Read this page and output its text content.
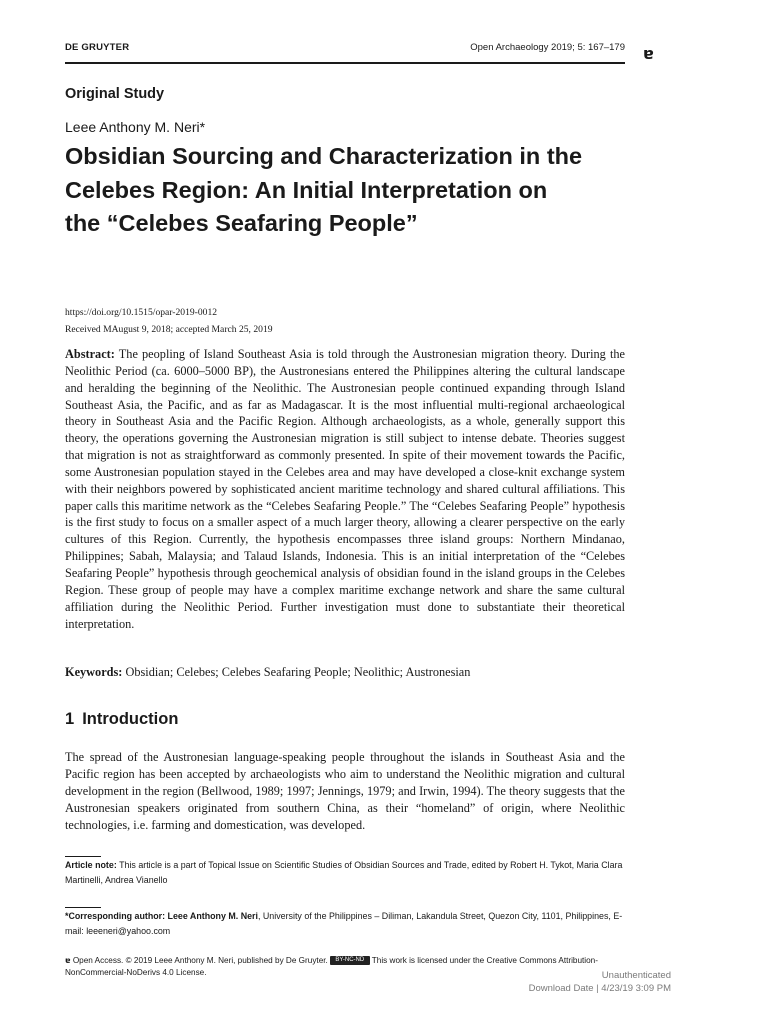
DE GRUYTER	Open Archaeology 2019; 5: 167–179 ɐ
Original Study
Leee Anthony M. Neri*
Obsidian Sourcing and Characterization in the Celebes Region: An Initial Interpretation on the “Celebes Seafaring People”
https://doi.org/10.1515/opar-2019-0012
Received MAugust 9, 2018; accepted March 25, 2019

Abstract: The peopling of Island Southeast Asia is told through the Austronesian migration theory. During the Neolithic Period (ca. 6000–5000 BP), the Austronesians entered the Philippines altering the cultural landscape and heralding the beginning of the Neolithic. The Austronesian people continued expanding through Island Southeast Asia, the Pacific, and as far as Madagascar. It is the most influential multi-regional archaeological theory in Southeast Asia and the Pacific Region. Although archaeologists, as a whole, generally support this theory, the operations governing the Austronesian migration is still subject to intense debate. Theories suggest that migration is not as straightforward as commonly presented. In spite of their movement towards the Pacific, some Austronesian population stayed in the Celebes area and may have developed a close-knit exchange system with their neighbors powered by sophisticated ancient maritime technology and shared cultural affiliations. This paper calls this maritime network as the “Celebes Seafaring People.” The “Celebes Seafaring People” hypothesis is the first study to focus on a smaller aspect of a much larger theory, allowing a clearer perspective on the early cultures of this Region. Currently, the hypothesis encompasses three island groups: Northern Mindanao, Philippines; Sabah, Malaysia; and Talaud Islands, Indonesia. This is an initial interpretation of the “Celebes Seafaring People” hypothesis through geochemical analysis of obsidian found in the island groups in the Celebes Region. These group of people may have a complex maritime exchange network and share the same cultural affiliation during the Neolithic Period. Further investigation must done to substantiate their theoretical interpretation.

Keywords: Obsidian; Celebes; Celebes Seafaring People; Neolithic; Austronesian
1 Introduction

The spread of the Austronesian language-speaking people throughout the islands in Southeast Asia and the Pacific region has been accepted by archaeologists who aim to understand the Neolithic migration and cultural development in the region (Bellwood, 1989; 1997; Jennings, 1979; and Irwin, 1994). The theory suggests that the Austronesian speakers originated from southern China, as their “homeland” of origin, where Neolithic technologies, i.e. farming and domestication, was developed.

Article note: This article is a part of Topical Issue on Scientific Studies of Obsidian Sources and Trade, edited by Robert H. Tykot, Maria Clara Martinelli, Andrea Vianello
*Corresponding author: Leee Anthony M. Neri, University of the Philippines – Diliman, Lakandula Street, Quezon City, 1101, Philippines, E-mail: leeeneri@yahoo.com
ɐ Open Access. © 2019 Leee Anthony M. Neri, published by De Gruyter. BY-NC-ND This work is licensed under the Creative Commons Attribution-NonCommercial-NoDerivs 4.0 License.	Unauthenticated
Download Date | 4/23/19 3:09 PM
